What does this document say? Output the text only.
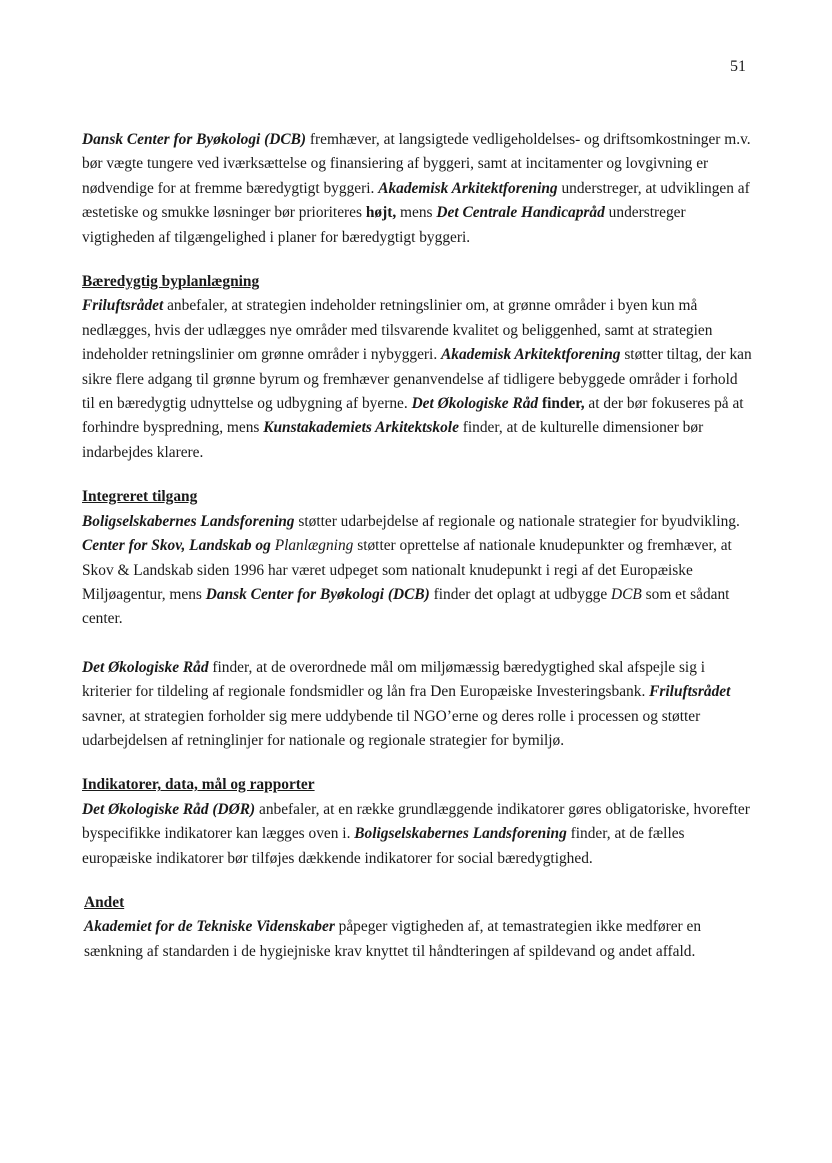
51

Dansk Center for Byøkologi (DCB) fremhæver, at langsigtede vedligeholdelses- og driftsomkostninger m.v. bør vægte tungere ved iværksættelse og finansiering af byggeri, samt at incitamenter og lovgivning er nødvendige for at fremme bæredygtigt byggeri. Akademisk Arkitektforening understreger, at udviklingen af æstetiske og smukke løsninger bør prioriteres højt, mens Det Centrale Handicapråd understreger vigtigheden af tilgængelighed i planer for bæredygtigt byggeri.

Bæredygtig byplanlægning

Friluftsrådet anbefaler, at strategien indeholder retningslinier om, at grønne områder i byen kun må nedlægges, hvis der udlægges nye områder med tilsvarende kvalitet og beliggenhed, samt at strategien indeholder retningslinier om grønne områder i nybyggeri. Akademisk Arkitektforening støtter tiltag, der kan sikre flere adgang til grønne byrum og fremhæver genanvendelse af tidligere bebyggede områder i forhold til en bæredygtig udnyttelse og udbygning af byerne. Det Økologiske Råd finder, at der bør fokuseres på at forhindre byspredning, mens Kunstakademiets Arkitektskole finder, at de kulturelle dimensioner bør indarbejdes klarere.

Integreret tilgang

Boligselskabernes Landsforening støtter udarbejdelse af regionale og nationale strategier for byudvikling. Center for Skov, Landskab og Planlægning støtter oprettelse af nationale knudepunkter og fremhæver, at Skov & Landskab siden 1996 har været udpeget som nationalt knudepunkt i regi af det Europæiske Miljøagentur, mens Dansk Center for Byøkologi (DCB) finder det oplagt at udbygge DCB som et sådant center.

Det Økologiske Råd finder, at de overordnede mål om miljømæssig bæredygtighed skal afspejle sig i kriterier for tildeling af regionale fondsmidler og lån fra Den Europæiske Investeringsbank. Friluftsrådet savner, at strategien forholder sig mere uddybende til NGO’erne og deres rolle i processen og støtter udarbejdelsen af retninglinjer for nationale og regionale strategier for bymiljø.

Indikatorer, data, mål og rapporter

Det Økologiske Råd (DØR) anbefaler, at en række grundlæggende indikatorer gøres obligatoriske, hvorefter byspecifikke indikatorer kan lægges oven i. Boligselskabernes Landsforening finder, at de fælles europæiske indikatorer bør tilføjes dækkende indikatorer for social bæredygtighed.

Andet

Akademiet for de Tekniske Videnskaber påpeger vigtigheden af, at temastrategien ikke medfører en sænkning af standarden i de hygiejniske krav knyttet til håndteringen af spildevand og andet affald.
